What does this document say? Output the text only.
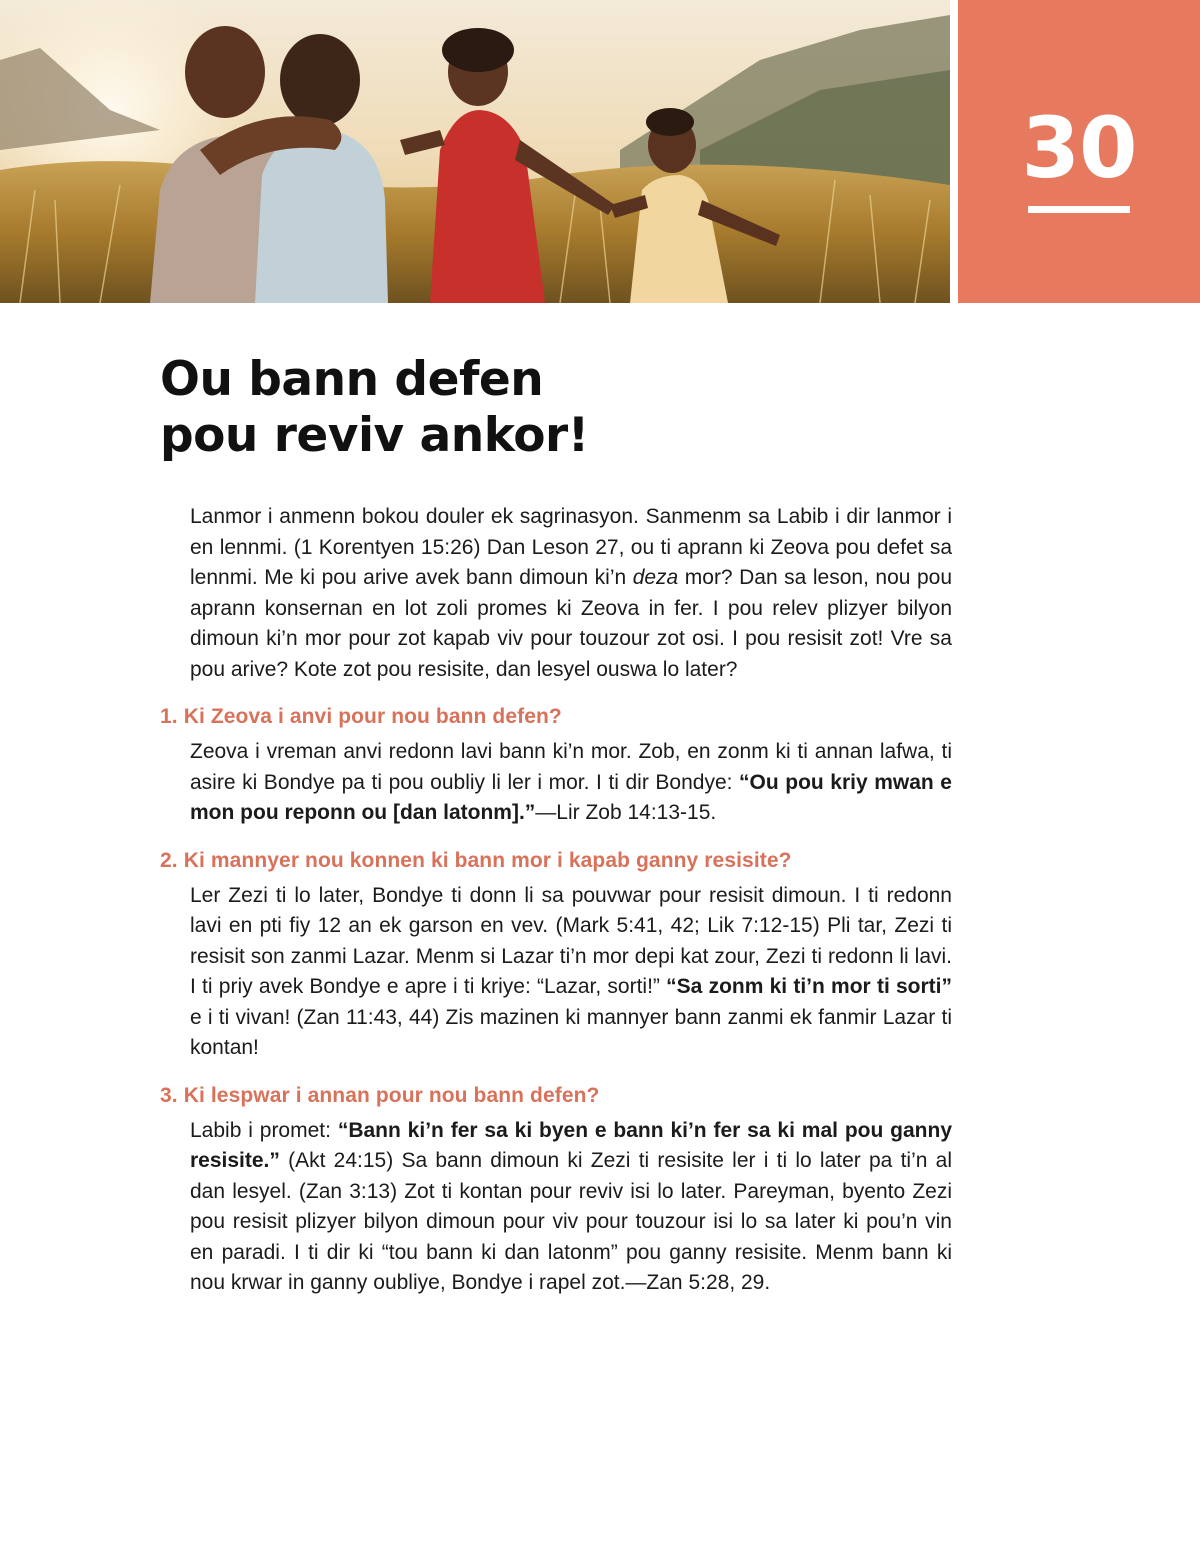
30
Ou bann defen
pou reviv ankor!

Lanmor i anmenn bokou douler ek sagrinasyon. Sanmenm sa Labib i dir lanmor i en lennmi. (1 Korentyen 15:26) Dan Leson 27, ou ti aprann ki Zeova pou defet sa lennmi. Me ki pou arive avek bann dimoun ki’n deza mor? Dan sa leson, nou pou aprann konsernan en lot zoli promes ki Zeova in fer. I pou relev plizyer bilyon dimoun ki’n mor pour zot kapab viv pour touzour zot osi. I pou resisit zot! Vre sa pou arive? Kote zot pou resisite, dan lesyel ouswa lo later?

1. Ki Zeova i anvi pour nou bann defen?

Zeova i vreman anvi redonn lavi bann ki’n mor. Zob, en zonm ki ti annan lafwa, ti asire ki Bondye pa ti pou oubliy li ler i mor. I ti dir Bondye: “Ou pou kriy mwan e mon pou reponn ou [dan latonm].”—Lir Zob 14:13-15.

2. Ki mannyer nou konnen ki bann mor i kapab ganny resisite?

Ler Zezi ti lo later, Bondye ti donn li sa pouvwar pour resisit dimoun. I ti redonn lavi en pti fiy 12 an ek garson en vev. (Mark 5:41, 42; Lik 7:12-15) Pli tar, Zezi ti resisit son zanmi Lazar. Menm si Lazar ti’n mor depi kat zour, Zezi ti redonn li lavi. I ti priy avek Bondye e apre i ti kriye: “Lazar, sorti!” “Sa zonm ki ti’n mor ti sorti” e i ti vivan! (Zan 11:43, 44) Zis mazinen ki mannyer bann zanmi ek fanmir Lazar ti kontan!

3. Ki lespwar i annan pour nou bann defen?

Labib i promet: “Bann ki’n fer sa ki byen e bann ki’n fer sa ki mal pou ganny resisite.” (Akt 24:15) Sa bann dimoun ki Zezi ti resisite ler i ti lo later pa ti’n al dan lesyel. (Zan 3:13) Zot ti kontan pour reviv isi lo later. Pareyman, byento Zezi pou resisit plizyer bilyon dimoun pour viv pour touzour isi lo sa later ki pou’n vin en paradi. I ti dir ki “tou bann ki dan latonm” pou ganny resisite. Menm bann ki nou krwar in ganny oubliye, Bondye i rapel zot.—Zan 5:28, 29.
